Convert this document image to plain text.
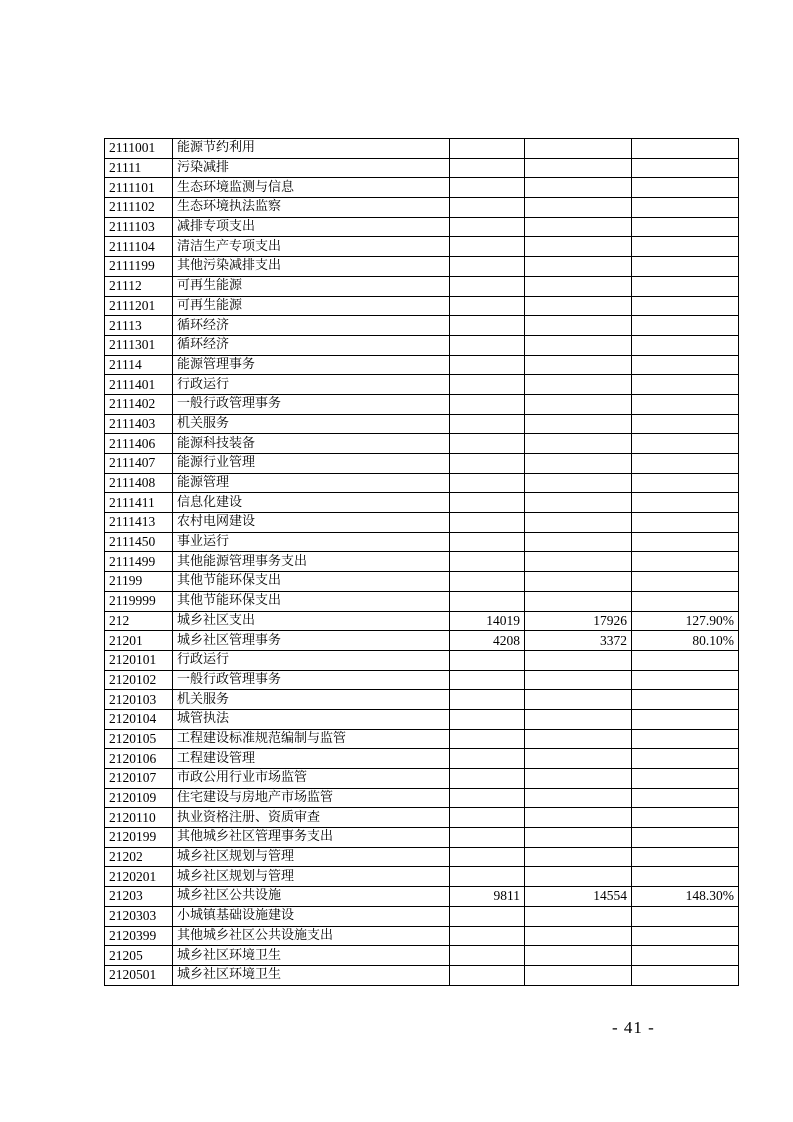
2111001	能源节约利用			
21111	污染减排			
2111101	生态环境监测与信息			
2111102	生态环境执法监察			
2111103	减排专项支出			
2111104	清洁生产专项支出			
2111199	其他污染减排支出			
21112	可再生能源			
2111201	可再生能源			
21113	循环经济			
2111301	循环经济			
21114	能源管理事务			
2111401	行政运行			
2111402	一般行政管理事务			
2111403	机关服务			
2111406	能源科技装备			
2111407	能源行业管理			
2111408	能源管理			
2111411	信息化建设			
2111413	农村电网建设			
2111450	事业运行			
2111499	其他能源管理事务支出			
21199	其他节能环保支出			
2119999	其他节能环保支出			
212	城乡社区支出	14019	17926	127.90%
21201	城乡社区管理事务	4208	3372	80.10%
2120101	行政运行			
2120102	一般行政管理事务			
2120103	机关服务			
2120104	城管执法			
2120105	工程建设标准规范编制与监管			
2120106	工程建设管理			
2120107	市政公用行业市场监管			
2120109	住宅建设与房地产市场监管			
2120110	执业资格注册、资质审查			
2120199	其他城乡社区管理事务支出			
21202	城乡社区规划与管理			
2120201	城乡社区规划与管理			
21203	城乡社区公共设施	9811	14554	148.30%
2120303	小城镇基础设施建设			
2120399	其他城乡社区公共设施支出			
21205	城乡社区环境卫生			
2120501	城乡社区环境卫生			
- 41 -
